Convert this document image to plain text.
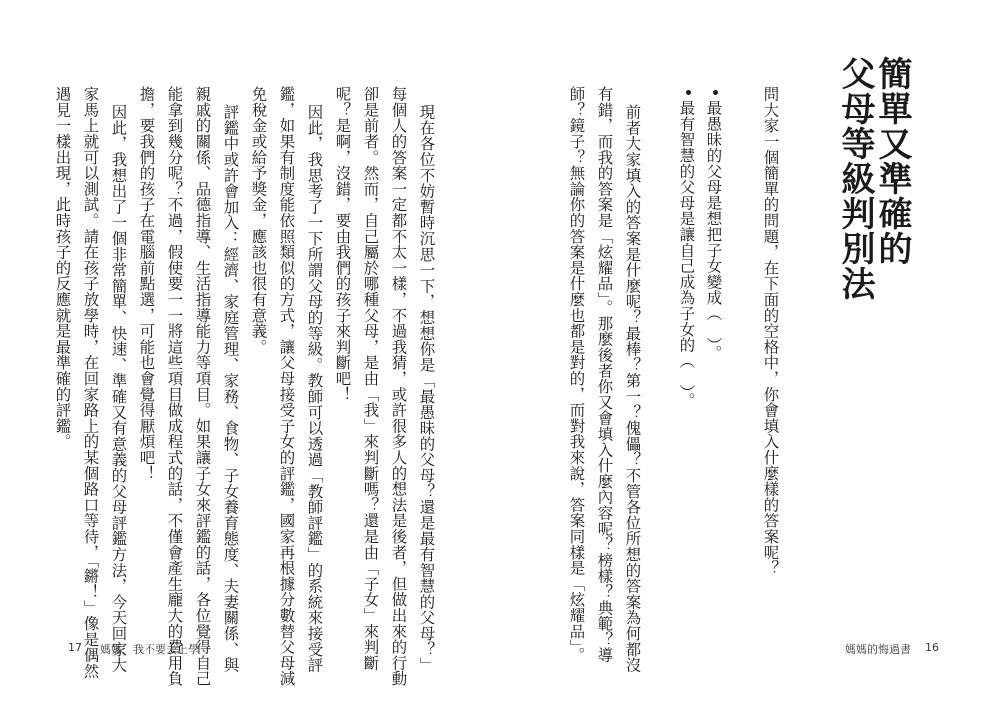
簡單又準確的
父母等級判別法
問大家一個簡單的問題，在下面的空格中，你會填入什麼樣的答案呢？
最愚昧的父母是想把子女變成（　）。
最有智慧的父母是讓自己成為子女的（　）。
前者大家填入的答案是什麼呢？最棒？第一？傀儡？不管各位所想的答案為何都沒
有錯，而我的答案是「炫耀品」。那麼後者你又會填入什麼內容呢？榜樣？典範？導
師？鏡子？無論你的答案是什麼也都是對的，而對我來說，答案同樣是「炫耀品」。	媽媽的悔過書 16
現在各位不妨暫時沉思一下，想想你是「最愚昧的父母？還是最有智慧的父母？」
每個人的答案一定都不太一樣，不過我猜，或許很多人的想法是後者，但做出來的行動
卻是前者。然而，自己屬於哪種父母，是由「我」來判斷嗎？還是由「子女」來判斷
呢？是啊，沒錯，要由我們的孩子來判斷吧！
因此，我思考了一下所謂父母的等級。教師可以透過「教師評鑑」的系統來接受評
鑑，如果有制度能依照類似的方式，讓父母接受子女的評鑑，國家再根據分數替父母減
免稅金或給予獎金，應該也很有意義。
評鑑中或許會加入：經濟、家庭管理、家務、食物、子女養育態度、夫妻關係、與
親戚的關係、品德指導、生活指導能力等項目。如果讓子女來評鑑的話，各位覺得自己
能拿到幾分呢？不過，假使要一一將這些項目做成程式的話，不僅會產生龐大的費用負
擔，要我們的孩子在電腦前點選，可能也會覺得厭煩吧！
因此，我想出了一個非常簡單、快速、準確又有意義的父母評鑑方法，今天回家大
家馬上就可以測試。請在孩子放學時，在回家路上的某個路口等待，「鏘！」像是偶然
遇見一樣出現，此時孩子的反應就是最準確的評鑑。
17 媽媽，我不要去上學
